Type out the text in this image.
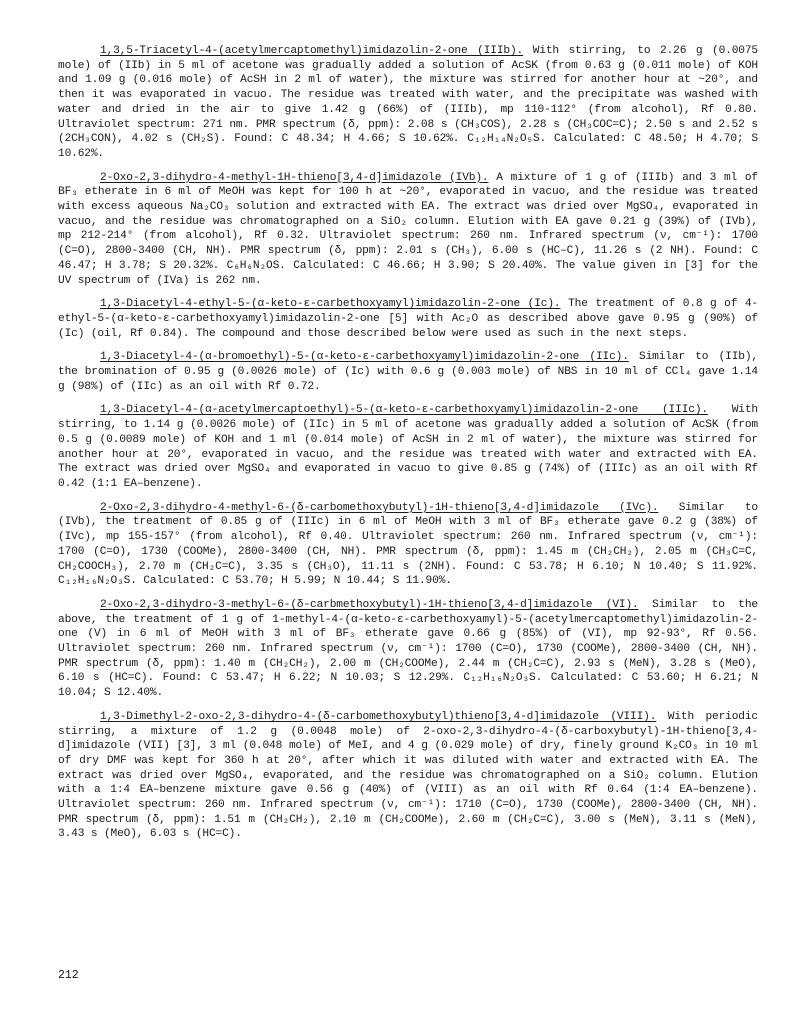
1,3,5-Triacetyl-4-(acetylmercaptomethyl)imidazolin-2-one (IIIb). With stirring, to 2.26 g (0.0075 mole) of (IIb) in 5 ml of acetone was gradually added a solution of AcSK (from 0.63 g (0.011 mole) of KOH and 1.09 g (0.016 mole) of AcSH in 2 ml of water), the mixture was stirred for another hour at ~20°, and then it was evaporated in vacuo. The residue was treated with water, and the precipitate was washed with water and dried in the air to give 1.42 g (66%) of (IIIb), mp 110-112° (from alcohol), Rf 0.80. Ultraviolet spectrum: 271 nm. PMR spectrum (δ, ppm): 2.08 s (CH₃COS), 2.28 s (CH₃COC=C); 2.50 s and 2.52 s (2CH₃CON), 4.02 s (CH₂S). Found: C 48.34; H 4.66; S 10.62%. C₁₂H₁₄N₂O₅S. Calculated: C 48.50; H 4.70; S 10.62%.

2-Oxo-2,3-dihydro-4-methyl-1H-thieno[3,4-d]imidazole (IVb). A mixture of 1 g of (IIIb) and 3 ml of BF₃ etherate in 6 ml of MeOH was kept for 100 h at ~20°, evaporated in vacuo, and the residue was treated with excess aqueous Na₂CO₃ solution and extracted with EA. The extract was dried over MgSO₄, evaporated in vacuo, and the residue was chromatographed on a SiO₂ column. Elution with EA gave 0.21 g (39%) of (IVb), mp 212-214° (from alcohol), Rf 0.32. Ultraviolet spectrum: 260 nm. Infrared spectrum (ν, cm⁻¹): 1700 (C=O), 2800-3400 (CH, NH). PMR spectrum (δ, ppm): 2.01 s (CH₃), 6.00 s (HC–C), 11.26 s (2 NH). Found: C 46.47; H 3.78; S 20.32%. C₆H₆N₂OS. Calculated: C 46.66; H 3.90; S 20.40%. The value given in [3] for the UV spectrum of (IVa) is 262 nm.

1,3-Diacetyl-4-ethyl-5-(α-keto-ε-carbethoxyamyl)imidazolin-2-one (Ic). The treatment of 0.8 g of 4-ethyl-5-(α-keto-ε-carbethoxyamyl)imidazolin-2-one [5] with Ac₂O as described above gave 0.95 g (90%) of (Ic) (oil, Rf 0.84). The compound and those described below were used as such in the next steps.

1,3-Diacetyl-4-(α-bromoethyl)-5-(α-keto-ε-carbethoxyamyl)imidazolin-2-one (IIc). Similar to (IIb), the bromination of 0.95 g (0.0026 mole) of (Ic) with 0.6 g (0.003 mole) of NBS in 10 ml of CCl₄ gave 1.14 g (98%) of (IIc) as an oil with Rf 0.72.

1,3-Diacetyl-4-(α-acetylmercaptoethyl)-5-(α-keto-ε-carbethoxyamyl)imidazolin-2-one (IIIc). With stirring, to 1.14 g (0.0026 mole) of (IIc) in 5 ml of acetone was gradually added a solution of AcSK (from 0.5 g (0.0089 mole) of KOH and 1 ml (0.014 mole) of AcSH in 2 ml of water), the mixture was stirred for another hour at 20°, evaporated in vacuo, and the residue was treated with water and extracted with EA. The extract was dried over MgSO₄ and evaporated in vacuo to give 0.85 g (74%) of (IIIc) as an oil with Rf 0.42 (1:1 EA–benzene).

2-Oxo-2,3-dihydro-4-methyl-6-(δ-carbomethoxybutyl)-1H-thieno[3,4-d]imidazole (IVc). Similar to (IVb), the treatment of 0.85 g of (IIIc) in 6 ml of MeOH with 3 ml of BF₃ etherate gave 0.2 g (38%) of (IVc), mp 155-157° (from alcohol), Rf 0.40. Ultraviolet spectrum: 260 nm. Infrared spectrum (ν, cm⁻¹): 1700 (C=O), 1730 (COOMe), 2800-3400 (CH, NH). PMR spectrum (δ, ppm): 1.45 m (CH₂CH₂), 2.05 m (CH₃C=C, CH₂COOCH₃), 2.70 m (CH₂C=C), 3.35 s (CH₃O), 11.11 s (2NH). Found: C 53.78; H 6.10; N 10.40; S 11.92%. C₁₂H₁₆N₂O₃S. Calculated: C 53.70; H 5.99; N 10.44; S 11.90%.

2-Oxo-2,3-dihydro-3-methyl-6-(δ-carbmethoxybutyl)-1H-thieno[3,4-d]imidazole (VI). Similar to the above, the treatment of 1 g of 1-methyl-4-(α-keto-ε-carbethoxyamyl)-5-(acetylmercaptomethyl)imidazolin-2-one (V) in 6 ml of MeOH with 3 ml of BF₃ etherate gave 0.66 g (85%) of (VI), mp 92-93°, Rf 0.56. Ultraviolet spectrum: 260 nm. Infrared spectrum (ν, cm⁻¹): 1700 (C=O), 1730 (COOMe), 2800-3400 (CH, NH). PMR spectrum (δ, ppm): 1.40 m (CH₂CH₂), 2.00 m (CH₂COOMe), 2.44 m (CH₂C=C), 2.93 s (MeN), 3.28 s (MeO), 6.10 s (HC=C). Found: C 53.47; H 6.22; N 10.03; S 12.29%. C₁₂H₁₆N₂O₃S. Calculated: C 53.60; H 6.21; N 10.04; S 12.40%.

1,3-Dimethyl-2-oxo-2,3-dihydro-4-(δ-carbomethoxybutyl)thieno[3,4-d]imidazole (VIII). With periodic stirring, a mixture of 1.2 g (0.0048 mole) of 2-oxo-2,3-dihydro-4-(δ-carboxybutyl)-1H-thieno[3,4-d]imidazole (VII) [3], 3 ml (0.048 mole) of MeI, and 4 g (0.029 mole) of dry, finely ground K₂CO₃ in 10 ml of dry DMF was kept for 360 h at 20°, after which it was diluted with water and extracted with EA. The extract was dried over MgSO₄, evaporated, and the residue was chromatographed on a SiO₂ column. Elution with a 1:4 EA–benzene mixture gave 0.56 g (40%) of (VIII) as an oil with Rf 0.64 (1:4 EA–benzene). Ultraviolet spectrum: 260 nm. Infrared spectrum (ν, cm⁻¹): 1710 (C=O), 1730 (COOMe), 2800-3400 (CH, NH). PMR spectrum (δ, ppm): 1.51 m (CH₂CH₂), 2.10 m (CH₂COOMe), 2.60 m (CH₂C=C), 3.00 s (MeN), 3.11 s (MeN), 3.43 s (MeO), 6.03 s (HC=C).

212
